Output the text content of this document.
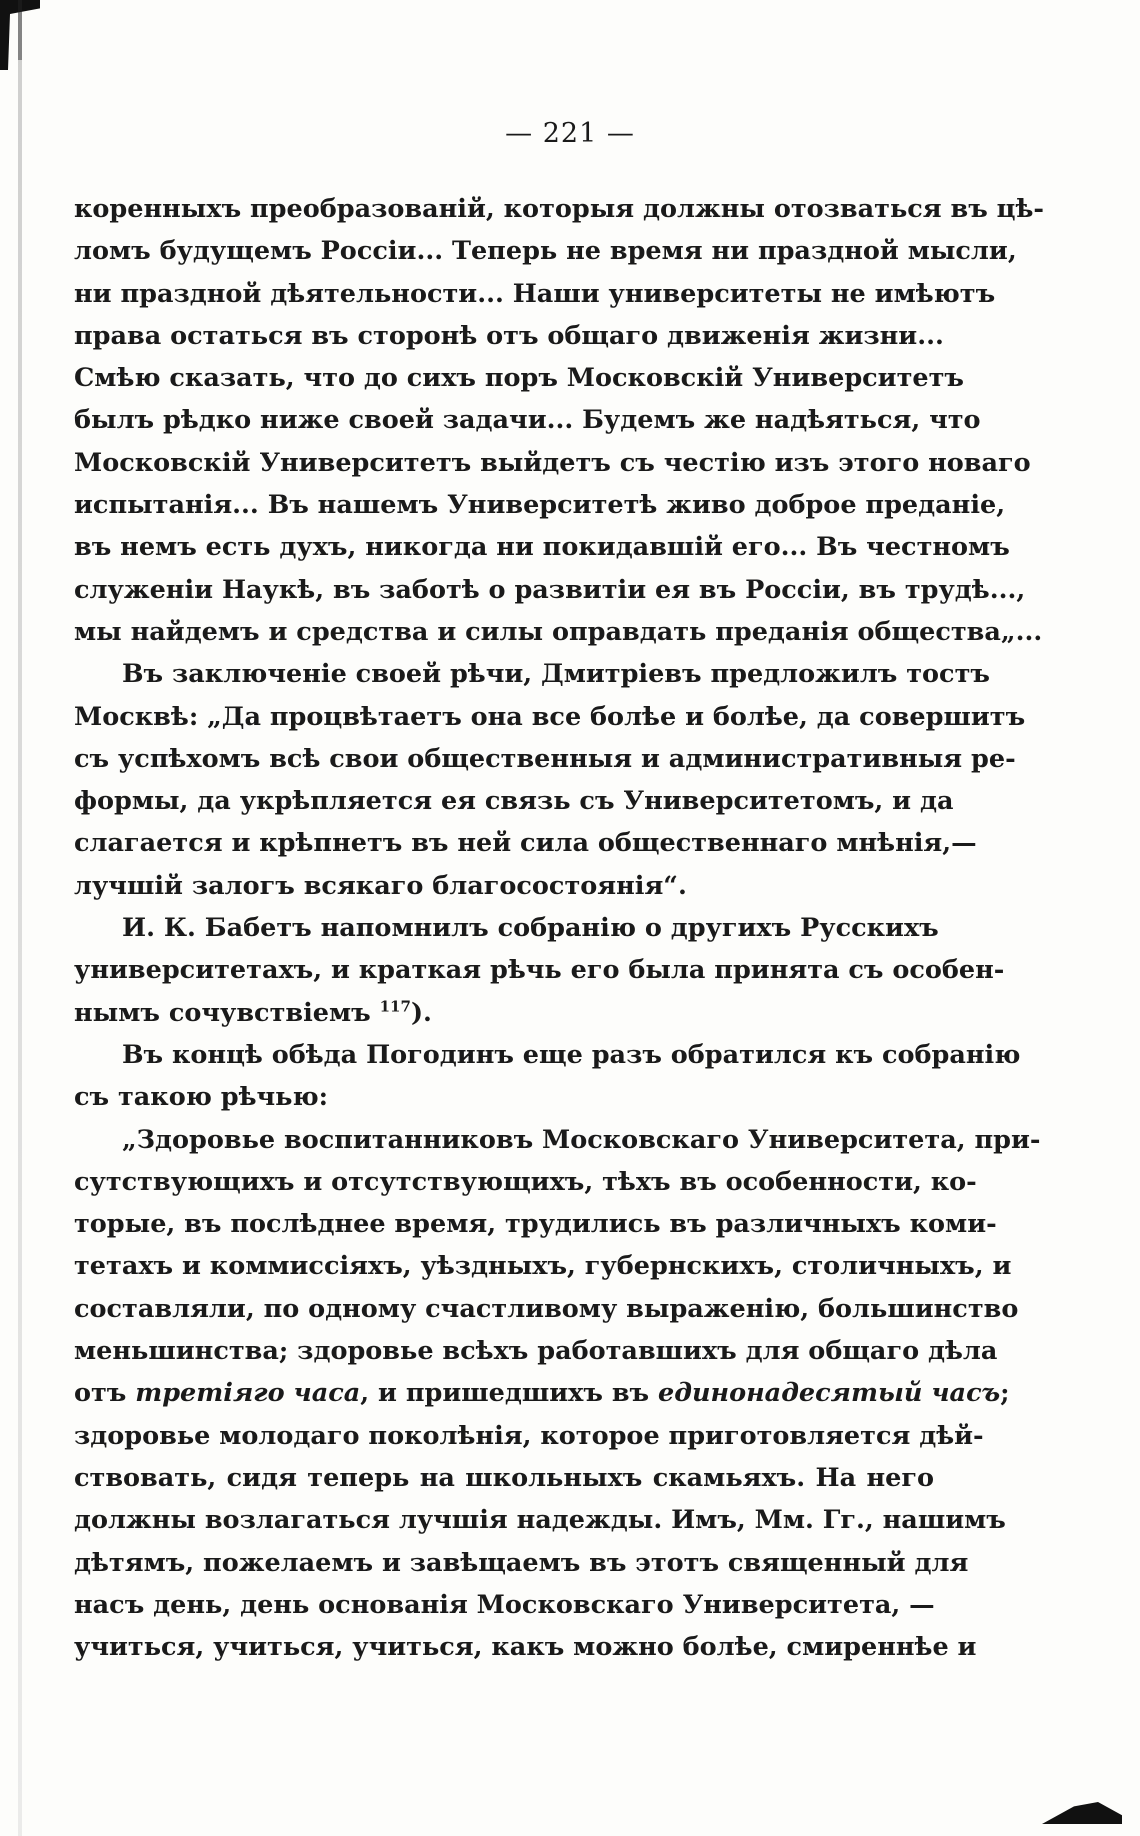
— 221 —
коренныхъ преобразованій, которыя должны отозваться въ цѣ-
ломъ будущемъ Россіи... Теперь не время ни праздной мысли,
ни праздной дѣятельности... Наши университеты не имѣютъ
права остаться въ сторонѣ отъ общаго движенія жизни...
Смѣю сказать, что до сихъ поръ Московскій Университетъ
былъ рѣдко ниже своей задачи... Будемъ же надѣяться, что
Московскій Университетъ выйдетъ съ честію изъ этого новаго
испытанія... Въ нашемъ Университетѣ живо доброе преданіе,
въ немъ есть духъ, никогда ни покидавшій его... Въ честномъ
служеніи Наукѣ, въ заботѣ о развитіи ея въ Россіи, въ трудѣ...,
мы найдемъ и средства и силы оправдать преданія общества„...
Въ заключеніе своей рѣчи, Дмитріевъ предложилъ тостъ
Москвѣ: „Да процвѣтаетъ она все болѣе и болѣе, да совершитъ
съ успѣхомъ всѣ свои общественныя и административныя ре-
формы, да укрѣпляется ея связь съ Университетомъ, и да
слагается и крѣпнетъ въ ней сила общественнаго мнѣнія,—
лучшій залогъ всякаго благосостоянія“.
И. К. Бабетъ напомнилъ собранію о другихъ Русскихъ
университетахъ, и краткая рѣчь его была принята съ особен-
нымъ сочувствіемъ $^{117}$).
Въ концѣ обѣда Погодинъ еще разъ обратился къ собранію
съ такою рѣчью:
„Здоровье воспитанниковъ Московскаго Университета, при-
сутствующихъ и отсутствующихъ, тѣхъ въ особенности, ко-
торые, въ послѣднее время, трудились въ различныхъ коми-
тетахъ и коммиссіяхъ, уѣздныхъ, губернскихъ, столичныхъ, и
составляли, по одному счастливому выраженію, большинство
меньшинства; здоровье всѣхъ работавшихъ для общаго дѣла
отъ третіяго часа, и пришедшихъ въ единонадесятый часъ;
здоровье молодаго поколѣнія, которое приготовляется дѣй-
ствовать, сидя теперь на школьныхъ скамьяхъ. На него
должны возлагаться лучшія надежды. Имъ, Мм. Гг., нашимъ
дѣтямъ, пожелаемъ и завѣщаемъ въ этотъ священный для
насъ день, день основанія Московскаго Университета, —
учиться, учиться, учиться, какъ можно болѣе, смиреннѣе и
